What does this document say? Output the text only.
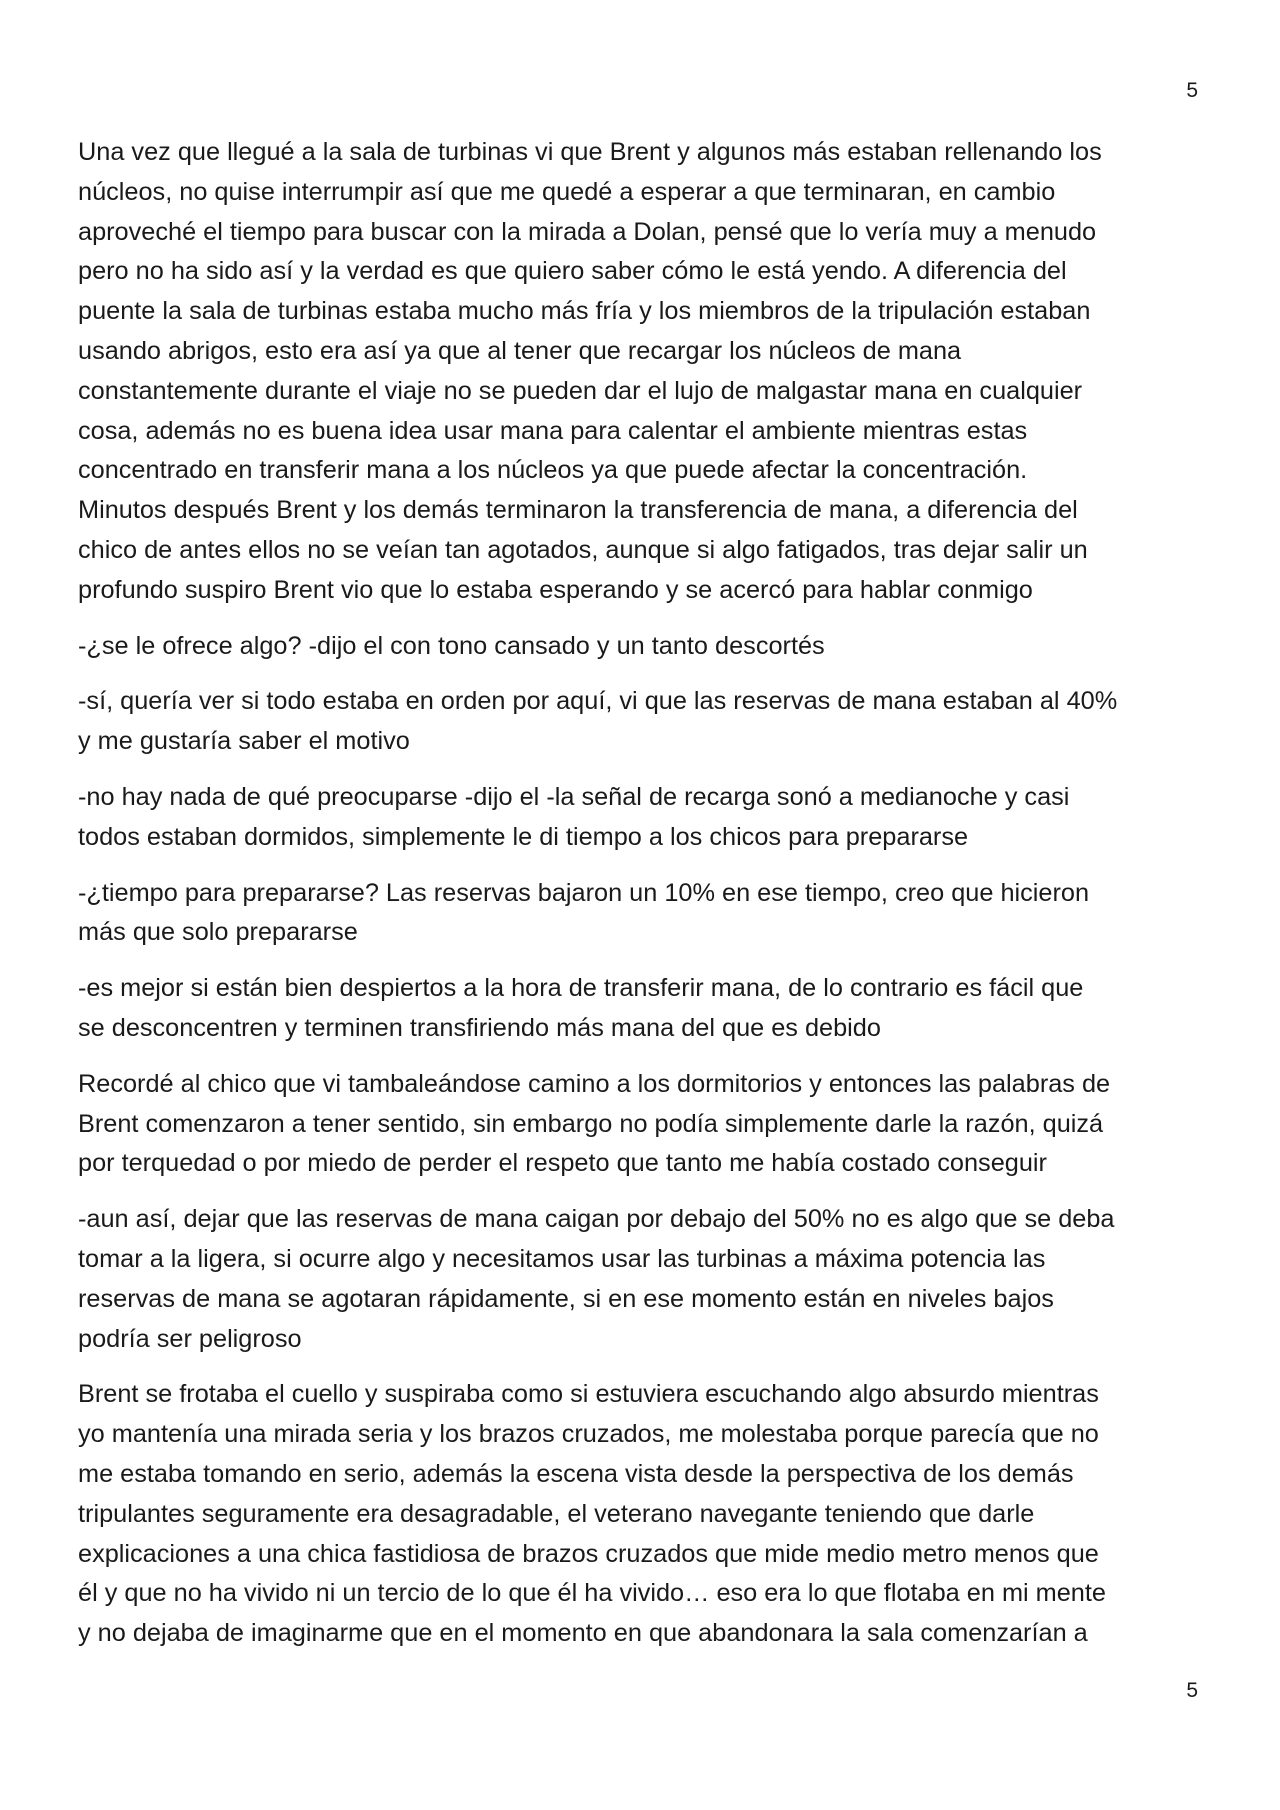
5

Una vez que llegué a la sala de turbinas vi que Brent y algunos más estaban rellenando los
núcleos, no quise interrumpir así que me quedé a esperar a que terminaran, en cambio
aproveché el tiempo para buscar con la mirada a Dolan, pensé que lo vería muy a menudo
pero no ha sido así y la verdad es que quiero saber cómo le está yendo. A diferencia del
puente la sala de turbinas estaba mucho más fría y los miembros de la tripulación estaban
usando abrigos, esto era así ya que al tener que recargar los núcleos de mana
constantemente durante el viaje no se pueden dar el lujo de malgastar mana en cualquier
cosa, además no es buena idea usar mana para calentar el ambiente mientras estas
concentrado en transferir mana a los núcleos ya que puede afectar la concentración.
Minutos después Brent y los demás terminaron la transferencia de mana, a diferencia del
chico de antes ellos no se veían tan agotados, aunque si algo fatigados, tras dejar salir un
profundo suspiro Brent vio que lo estaba esperando y se acercó para hablar conmigo

-¿se le ofrece algo? -dijo el con tono cansado y un tanto descortés

-sí, quería ver si todo estaba en orden por aquí, vi que las reservas de mana estaban al 40%
y me gustaría saber el motivo

-no hay nada de qué preocuparse -dijo el -la señal de recarga sonó a medianoche y casi
todos estaban dormidos, simplemente le di tiempo a los chicos para prepararse

-¿tiempo para prepararse? Las reservas bajaron un 10% en ese tiempo, creo que hicieron
más que solo prepararse

-es mejor si están bien despiertos a la hora de transferir mana, de lo contrario es fácil que
se desconcentren y terminen transfiriendo más mana del que es debido

Recordé al chico que vi tambaleándose camino a los dormitorios y entonces las palabras de
Brent comenzaron a tener sentido, sin embargo no podía simplemente darle la razón, quizá
por terquedad o por miedo de perder el respeto que tanto me había costado conseguir

-aun así, dejar que las reservas de mana caigan por debajo del 50% no es algo que se deba
tomar a la ligera, si ocurre algo y necesitamos usar las turbinas a máxima potencia las
reservas de mana se agotaran rápidamente, si en ese momento están en niveles bajos
podría ser peligroso

Brent se frotaba el cuello y suspiraba como si estuviera escuchando algo absurdo mientras
yo mantenía una mirada seria y los brazos cruzados, me molestaba porque parecía que no
me estaba tomando en serio, además la escena vista desde la perspectiva de los demás
tripulantes seguramente era desagradable, el veterano navegante teniendo que darle
explicaciones a una chica fastidiosa de brazos cruzados que mide medio metro menos que
él y que no ha vivido ni un tercio de lo que él ha vivido… eso era lo que flotaba en mi mente
y no dejaba de imaginarme que en el momento en que abandonara la sala comenzarían a

5
